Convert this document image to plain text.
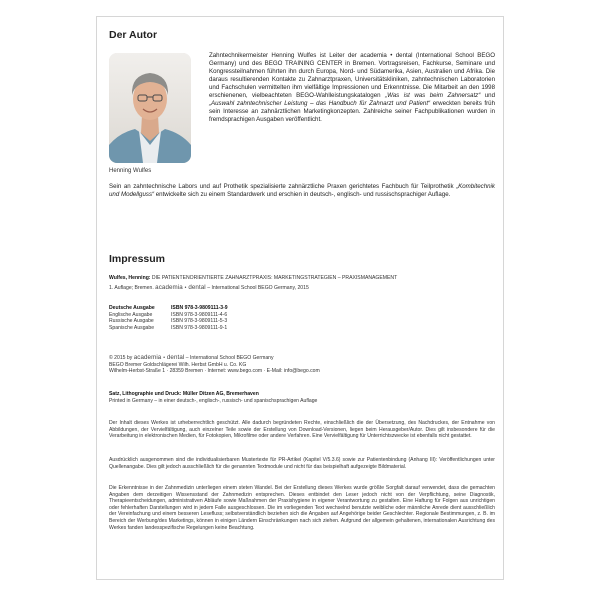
Der Autor
Henning Wulfes
Zahntechnikermeister Henning Wulfes ist Leiter der academia • dental (International School BEGO Germany) und des BEGO TRAINING CENTER in Bremen. Vortragsreisen, Fachkurse, Seminare und Kongressteilnahmen führten ihn durch Europa, Nord- und Südamerika, Asien, Australien und Afrika. Die daraus resultierenden Kontakte zu Zahnarztpraxen, Universitätskliniken, zahntechnischen Laboratorien und Fachschulen vermittelten ihm vielfältige Impressionen und Erkenntnisse. Die Mitarbeit an den 1998 erschienenen, vielbeachteten BEGO-Wahlleistungskatalogen „Was ist was beim Zahnersatz“ und „Auswahl zahntechnischer Leistung – das Handbuch für Zahnarzt und Patient“ erweckten bereits früh sein Interesse an zahnärztlichen Marketingkonzepten. Zahlreiche seiner Fachpublikationen wurden in fremdsprachigen Ausgaben veröffentlicht.
Sein an zahntechnische Labors und auf Prothetik spezialisierte zahnärztliche Praxen gerichtetes Fachbuch für Teilprothetik „Kombitechnik und Modellguss“ entwickelte sich zu einem Standardwerk und erschien in deutsch-, englisch- und russischsprachiger Auflage.
Impressum
Wulfes, Henning: DIE PATIENTENORIENTIERTE ZAHNARZTPRAXIS: MARKETINGSTRATEGIEN – PRAXISMANAGEMENT
1. Auflage; Bremen. academia • dental – International School BEGO Germany, 2015
Deutsche Ausgabe	ISBN 978-3-9809111-3-9
Englische Ausgabe	ISBN 978-3-9809111-4-6
Russische Ausgabe	ISBN 978-3-9809111-5-3
Spanische Ausgabe	ISBN 978-3-9809111-9-1
© 2015 by academia • dental – International School BEGO Germany
BEGO Bremer Goldschlägerei Wilh. Herbst GmbH u. Co. KG
Wilhelm-Herbst-Straße 1 · 28359 Bremen · Internet: www.bego.com · E-Mail: info@bego.com
Satz, Lithographie und Druck: Müller Ditzen AG, Bremerhaven
Printed in Germany – in einer deutsch-, englisch-, russisch- und spanischsprachigen Auflage
Der Inhalt dieses Werkes ist urheberrechtlich geschützt. Alle dadurch begründeten Rechte, einschließlich die der Übersetzung, des Nachdruckes, der Entnahme von Abbildungen, der Vervielfältigung, auch einzelner Teile sowie der Erstellung von Download-Versionen, liegen beim Herausgeber/Autor. Dies gilt insbesondere für die Verarbeitung in elektronischen Medien, für Fotokopien, Mikrofilme oder andere Verfahren. Eine Vervielfältigung für Unterrichtszwecke ist ebenfalls nicht gestattet.
Ausdrücklich ausgenommen sind die individualisierbaren Mustertexte für PR-Artikel (Kapitel V/5.3.6) sowie zur Patientenbindung (Anhang III): Veröffentlichungen unter Quellenangabe. Dies gilt jedoch ausschließlich für die genannten Textmodule und nicht für das beispielhaft aufgezeigte Bildmaterial.
Die Erkenntnisse in der Zahnmedizin unterliegen einem steten Wandel. Bei der Erstellung dieses Werkes wurde größte Sorgfalt darauf verwendet, dass die gemachten Angaben dem derzeitigen Wissensstand der Zahnmedizin entsprechen. Dieses entbindet den Leser jedoch nicht von der Verpflichtung, seine Diagnostik, Therapieentscheidungen, administrativen Abläufe sowie Maßnahmen der Praxishygiene in eigener Verantwortung zu gestalten. Eine Haftung für Folgen aus unrichtigen oder fehlerhaften Darstellungen wird in jedem Falle ausgeschlossen. Die im vorliegenden Text wechselnd benutzte weibliche oder männliche Anrede dient ausschließlich der Vereinfachung und einem besseren Lesefluss; selbstverständlich beziehen sich die Angaben auf Angehörige beider Geschlechter. Regionale Bestimmungen, z. B. im Bereich der Werbung/des Marketings, können in einigen Ländern Einschränkungen nach sich ziehen. Aufgrund der allgemein gehaltenen, internationalen Ausrichtung des Werkes fanden landesspezifische Regelungen keine Beachtung.
